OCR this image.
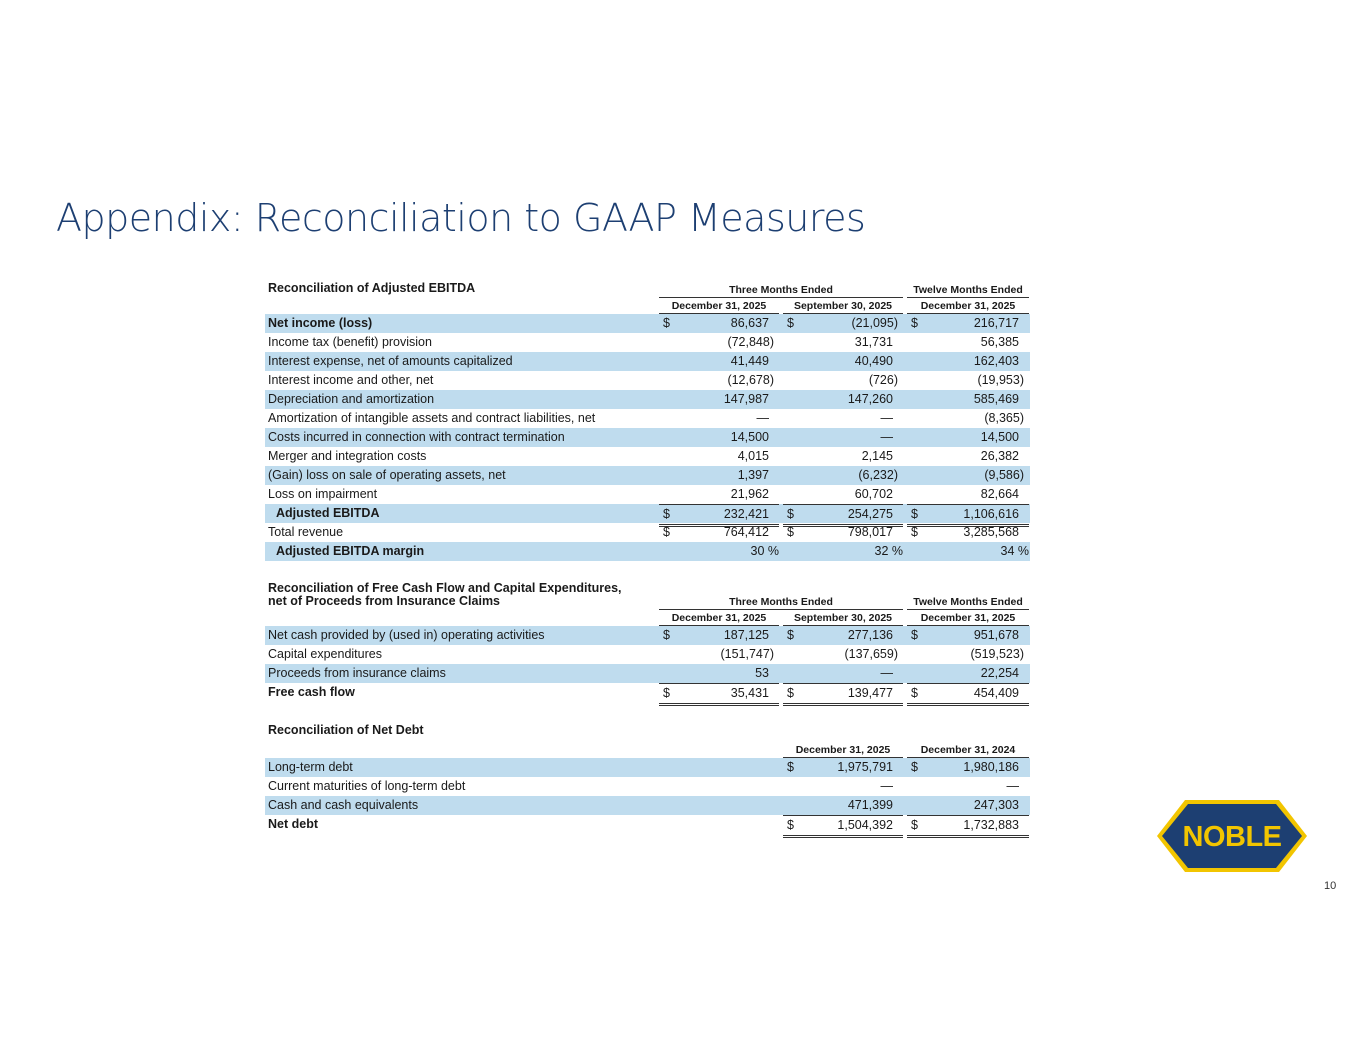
Appendix: Reconciliation to GAAP Measures
Reconciliation of Adjusted EBITDA	Three Months Ended	Twelve Months Ended
December 31, 2025	September 30, 2025	December 31, 2025
Net income (loss)	$	86,637 $	(21,095) $	216,717
Income tax (benefit) provision	(72,848)	31,731	56,385
Interest expense, net of amounts capitalized	41,449	40,490	162,403
Interest income and other, net	(12,678)	(726)	(19,953)
Depreciation and amortization	147,987	147,260	585,469
Amortization of intangible assets and contract liabilities, net	—	—	(8,365)
Costs incurred in connection with contract termination	14,500	—	14,500
Merger and integration costs	4,015	2,145	26,382
(Gain) loss on sale of operating assets, net	1,397	(6,232)	(9,586)
Loss on impairment	21,962	60,702	82,664
Adjusted EBITDA	$	232,421 $	254,275 $	1,106,616
Total revenue	$	764,412 $	798,017 $	3,285,568
Adjusted EBITDA margin	30 %	32 %	34 %
Reconciliation of Free Cash Flow and Capital Expenditures,
net of Proceeds from Insurance Claims	Three Months Ended	Twelve Months Ended
December 31, 2025	September 30, 2025	December 31, 2025
Net cash provided by (used in) operating activities	$	187,125 $	277,136 $	951,678
Capital expenditures	(151,747)	(137,659)	(519,523)
Proceeds from insurance claims	53	—	22,254
Free cash flow	$	35,431 $	139,477 $	454,409
Reconciliation of Net Debt
December 31, 2025	December 31, 2024
Long-term debt	$	1,975,791 $	1,980,186
Current maturities of long-term debt	—	—
Cash and cash equivalents	471,399	247,303
Net debt	$	1,504,392 $	1,732,883	NOBLE
10
